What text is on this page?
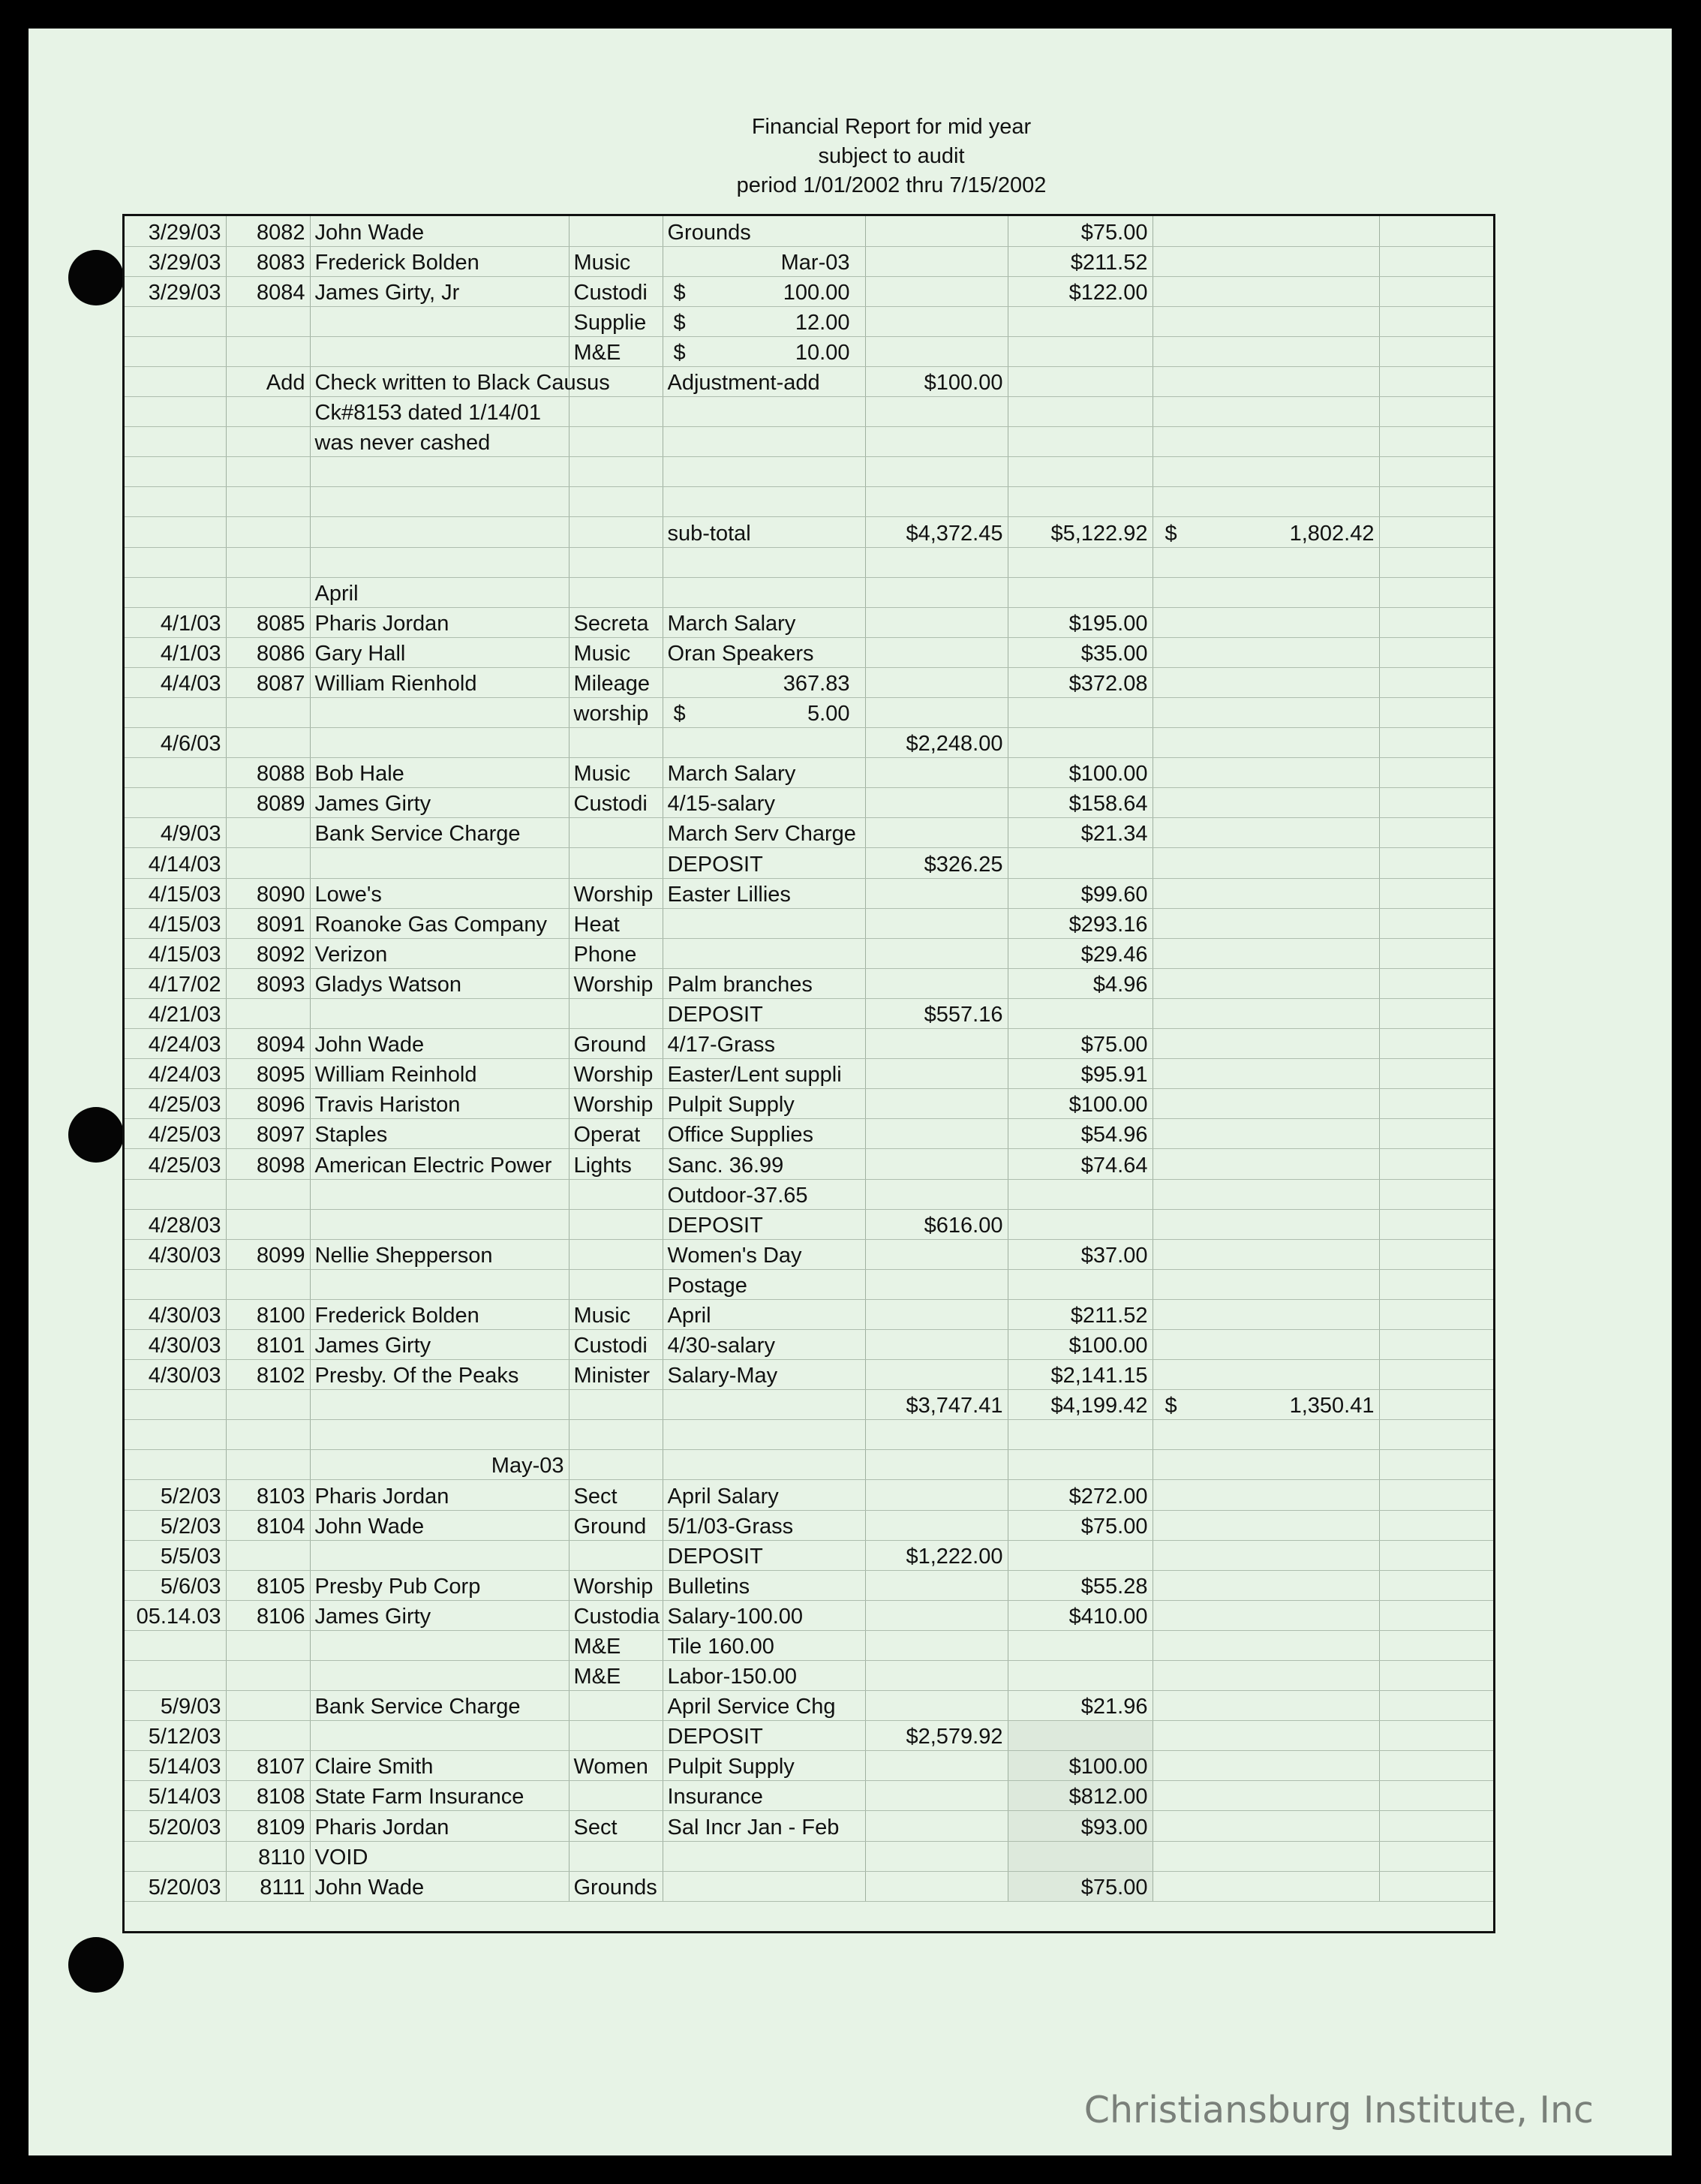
Financial Report for mid year
subject to audit
period 1/01/2002 thru 7/15/2002
3/29/03	8082	John Wade		Grounds		$75.00		
3/29/03	8083	Frederick Bolden	Music	Mar-03		$211.52		
3/29/03	8084	James Girty, Jr	Custodi	$ 100.00		$122.00		
			Supplie	$ 12.00				
			M&E	$ 10.00				
	Add	Check written to Black Causus		Adjustment-add	$100.00			
		Ck#8153 dated 1/14/01						
		was never cashed						

				sub-total	$4,372.45	$5,122.92	$ 1,802.42	

		April						
4/1/03	8085	Pharis Jordan	Secreta	March Salary		$195.00		
4/1/03	8086	Gary Hall	Music	Oran Speakers		$35.00		
4/4/03	8087	William Rienhold	Mileage	367.83		$372.08		
			worship	$ 5.00				
4/6/03					$2,248.00			
	8088	Bob Hale	Music	March Salary		$100.00		
	8089	James Girty	Custodi	4/15-salary		$158.64		
4/9/03		Bank Service Charge		March Serv Charge		$21.34		
4/14/03				DEPOSIT	$326.25			
4/15/03	8090	Lowe's	Worship	Easter Lillies		$99.60		
4/15/03	8091	Roanoke Gas Company	Heat			$293.16		
4/15/03	8092	Verizon	Phone			$29.46		
4/17/02	8093	Gladys Watson	Worship	Palm branches		$4.96		
4/21/03				DEPOSIT	$557.16			
4/24/03	8094	John Wade	Ground	4/17-Grass		$75.00		
4/24/03	8095	William Reinhold	Worship	Easter/Lent suppli		$95.91		
4/25/03	8096	Travis Hariston	Worship	Pulpit Supply		$100.00		
4/25/03	8097	Staples	Operat	Office Supplies		$54.96		
4/25/03	8098	American Electric Power	Lights	Sanc. 36.99		$74.64		
				Outdoor-37.65				
4/28/03				DEPOSIT	$616.00			
4/30/03	8099	Nellie Shepperson		Women's Day		$37.00		
				Postage				
4/30/03	8100	Frederick Bolden	Music	April		$211.52		
4/30/03	8101	James Girty	Custodi	4/30-salary		$100.00		
4/30/03	8102	Presby. Of the Peaks	Minister	Salary-May		$2,141.15		
					$3,747.41	$4,199.42	$ 1,350.41	

		May-03						
5/2/03	8103	Pharis Jordan	Sect	April Salary		$272.00		
5/2/03	8104	John Wade	Ground	5/1/03-Grass		$75.00		
5/5/03				DEPOSIT	$1,222.00			
5/6/03	8105	Presby Pub Corp	Worship	Bulletins		$55.28		
05.14.03	8106	James Girty	Custodia	Salary-100.00		$410.00		
			M&E	Tile 160.00				
			M&E	Labor-150.00				
5/9/03		Bank Service Charge		April Service Chg		$21.96		
5/12/03				DEPOSIT	$2,579.92			
5/14/03	8107	Claire Smith	Women	Pulpit Supply		$100.00		
5/14/03	8108	State Farm Insurance		Insurance		$812.00		
5/20/03	8109	Pharis Jordan	Sect	Sal Incr Jan - Feb		$93.00		
	8110	VOID						
5/20/03	8111	John Wade	Grounds			$75.00		
Christiansburg Institute, Inc
